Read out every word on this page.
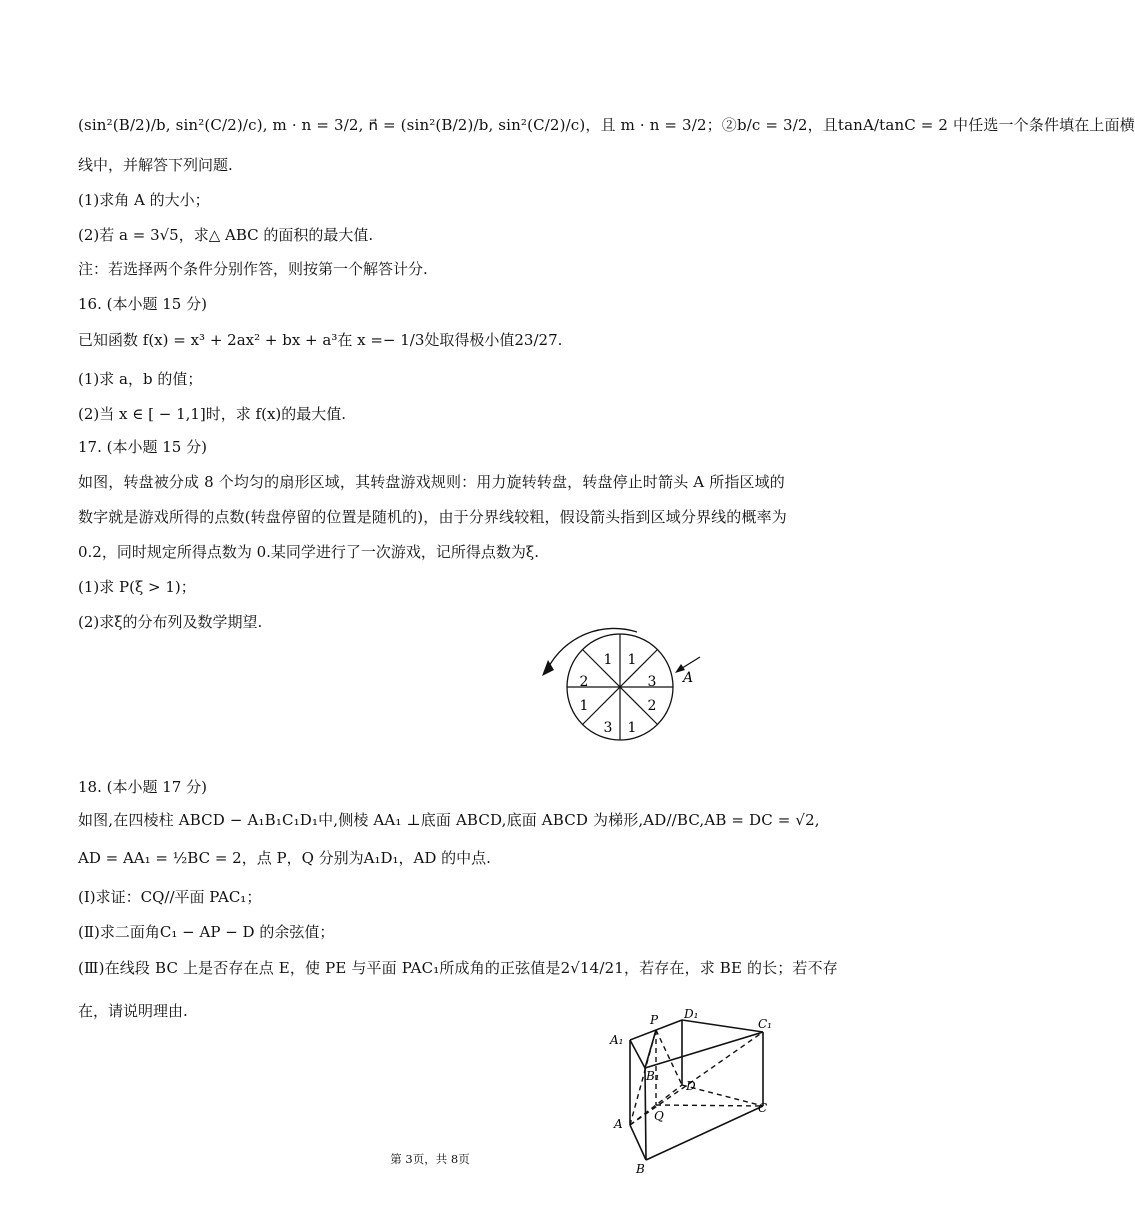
(sin²(B/2)/b, sin²(C/2)/c), m · n = 3/2, n⃗ = (sin²(B/2)/b, sin²(C/2)/c)，且 m · n = 3/2；②b/c = 3/2，且tanA/tanC = 2 中任选一个条件填在上面横
线中，并解答下列问题.
(1)求角 A 的大小；
(2)若 a = 3√5，求△ ABC 的面积的最大值.
注：若选择两个条件分别作答，则按第一个解答计分.
16. (本小题 15 分)
已知函数 f(x) = x³ + 2ax² + bx + a³在 x =− 1/3处取得极小值23/27.
(1)求 a，b 的值；
(2)当 x ∈ [ − 1,1]时，求 f(x)的最大值.
17. (本小题 15 分)
如图，转盘被分成 8 个均匀的扇形区域，其转盘游戏规则：用力旋转转盘，转盘停止时箭头 A 所指区域的
数字就是游戏所得的点数(转盘停留的位置是随机的)，由于分界线较粗，假设箭头指到区域分界线的概率为
0.2，同时规定所得点数为 0.某同学进行了一次游戏，记所得点数为ξ.
(1)求 P(ξ > 1)；
(2)求ξ的分布列及数学期望.
1 1
3
2
1
3
1
2	A
18. (本小题 17 分)
如图,在四棱柱 ABCD − A₁B₁C₁D₁中,侧棱 AA₁ ⊥底面 ABCD,底面 ABCD 为梯形,AD//BC,AB = DC = √2,
AD = AA₁ = ½BC = 2，点 P，Q 分别为A₁D₁，AD 的中点.
(Ⅰ)求证：CQ//平面 PAC₁；
(Ⅱ)求二面角C₁ − AP − D 的余弦值；
(Ⅲ)在线段 BC 上是否存在点 E，使 PE 与平面 PAC₁所成角的正弦值是2√14/21，若存在，求 BE 的长；若不存
在，请说明理由.	P D₁
A₁
C₁
B₁
D
Q
C
A
B
第 3页，共 8页
